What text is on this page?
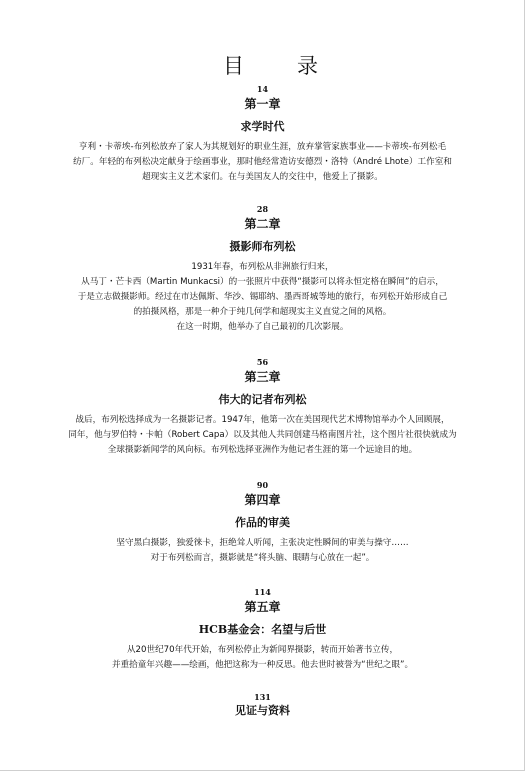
目　录
14
第一章
求学时代
亨利・卡蒂埃-布列松放弃了家人为其规划好的职业生涯，放弃掌管家族事业——卡蒂埃-布列松毛
纺厂。年轻的布列松决定献身于绘画事业，那时他经常造访安德烈・洛特（André Lhote）工作室和
超现实主义艺术家们。在与美国友人的交往中，他爱上了摄影。
28
第二章
摄影师布列松
1931年春，布列松从非洲旅行归来，
从马丁・芒卡西（Martin Munkacsi）的一张照片中获得“摄影可以将永恒定格在瞬间”的启示，
于是立志做摄影师。经过在市达佩斯、华沙、锡耶纳、墨西哥城等地的旅行，布列松开始形成自己
的拍摄风格，那是一种介于纯几何学和超现实主义直觉之间的风格。
在这一时期，他举办了自己最初的几次影展。
56
第三章
伟大的记者布列松
战后，布列松选择成为一名摄影记者。1947年，他第一次在美国现代艺术博物馆举办个人回顾展，
同年，他与罗伯特・卡帕（Robert Capa）以及其他人共同创建马格南图片社，这个图片社很快就成为
全球摄影新闻学的风向标。布列松选择亚洲作为他记者生涯的第一个远途目的地。
90
第四章
作品的审美
坚守黑白摄影，独爱徕卡，拒绝耸人听闻，主张决定性瞬间的审美与操守……
对于布列松而言，摄影就是“将头脑、眼睛与心放在一起”。
114
第五章
HCB基金会：名望与后世
从20世纪70年代开始，布列松停止为新闻界摄影，转而开始著书立传，
并重拾童年兴趣——绘画，他把这称为一种反思。他去世时被誉为“世纪之眼”。
131
见证与资料
